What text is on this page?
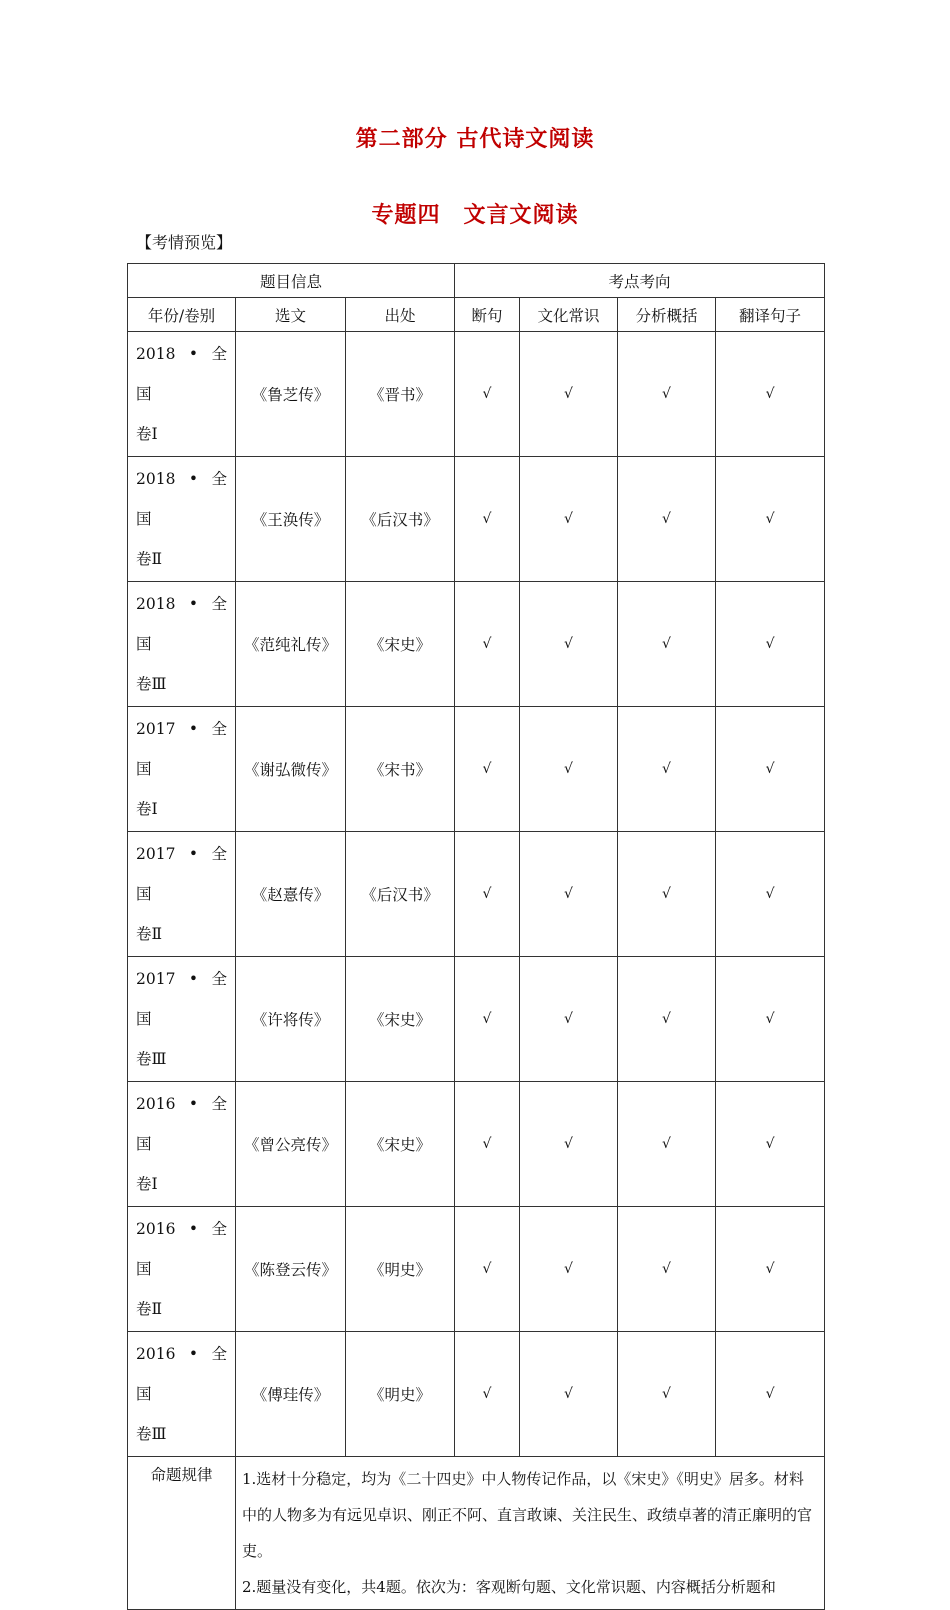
第二部分 古代诗文阅读
专题四　文言文阅读
【考情预览】
题目信息			考点考向			
年份/卷别	选文	出处	断句	文化常识	分析概括	翻译句子

2018 • 全 国
卷Ⅰ	《鲁芝传》	《晋书》	√	√	√	√

2018 • 全 国
卷Ⅱ	《王涣传》	《后汉书》	√	√	√	√

2018 • 全 国
卷Ⅲ	《范纯礼传》	《宋史》	√	√	√	√

2017 • 全 国
卷Ⅰ	《谢弘微传》	《宋书》	√	√	√	√

2017 • 全 国
卷Ⅱ	《赵憙传》	《后汉书》	√	√	√	√

2017 • 全 国
卷Ⅲ	《许将传》	《宋史》	√	√	√	√

2016 • 全 国
卷Ⅰ	《曾公亮传》	《宋史》	√	√	√	√

2016 • 全 国
卷Ⅱ	《陈登云传》	《明史》	√	√	√	√

2016 • 全 国
卷Ⅲ	《傅珪传》	《明史》	√	√	√	√
命题规律	1.选材十分稳定，均为《二十四史》中人物传记作品，以《宋史》《明史》居多。材料中的人物多为有远见卓识、刚正不阿、直言敢谏、关注民生、政绩卓著的清正廉明的官吏。
2.题量没有变化，共4题。依次为：客观断句题、文化常识题、内容概括分析题和					
